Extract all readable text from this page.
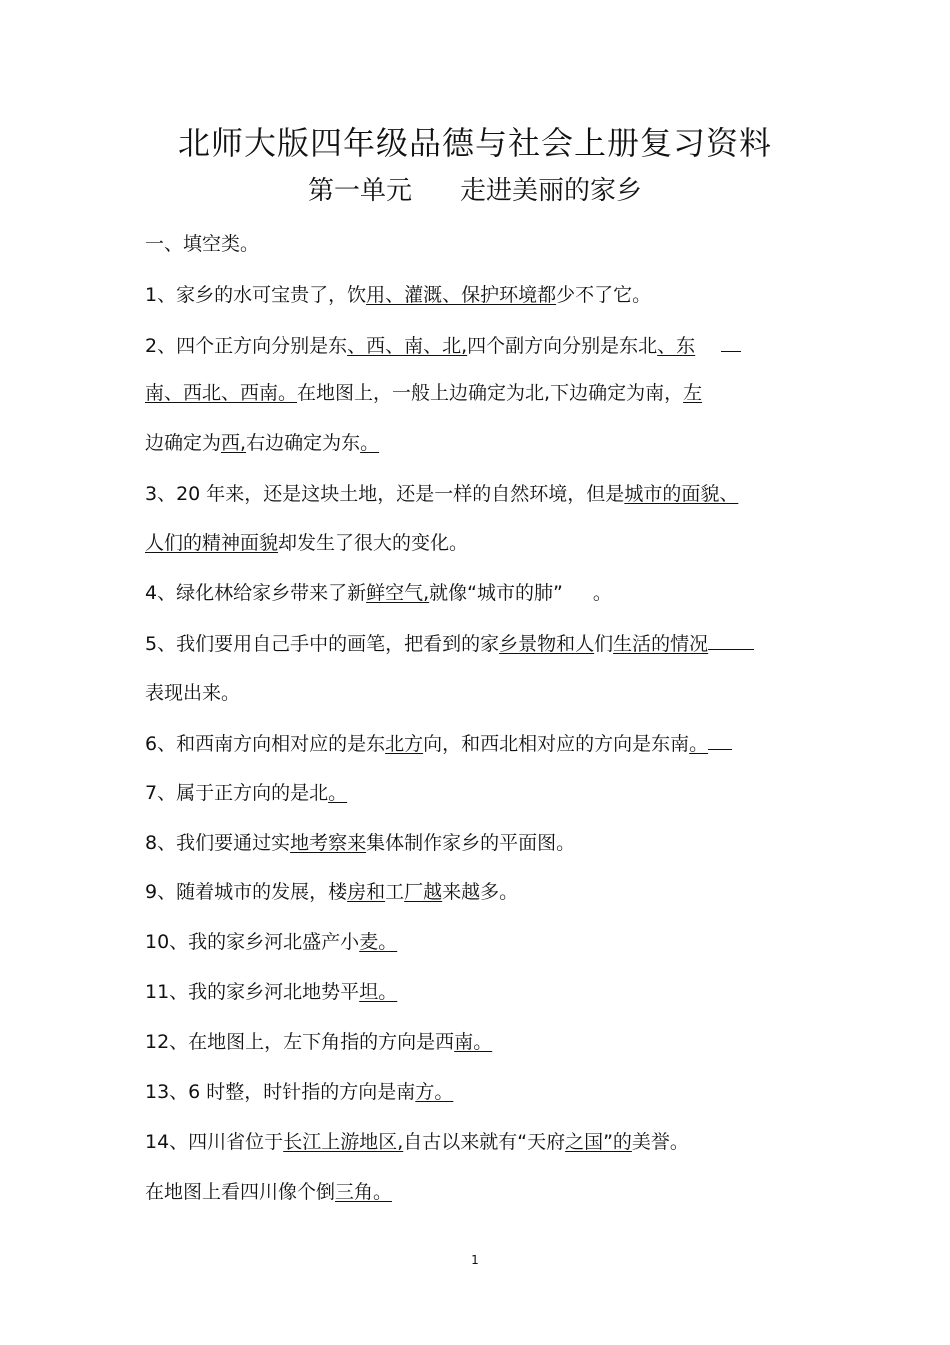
北师大版四年级品德与社会上册复习资料
第一单元 走进美丽的家乡
一、填空类。
1、家乡的水可宝贵了，饮用、灌溉、保护环境都少不了它。
2、四个正方向分别是东、西、南、北,四个副方向分别是东北、东
南、西北、西南。在地图上，一般上边确定为北,下边确定为南，左
边确定为西,右边确定为东。
3、20 年来，还是这块土地，还是一样的自然环境，但是城市的面貌、
人们的精神面貌却发生了很大的变化。
4、绿化林给家乡带来了新鲜空气,就像“城市的肺” 。
5、我们要用自己手中的画笔，把看到的家乡景物和人们生活的情况
表现出来。
6、和西南方向相对应的是东北方向，和西北相对应的方向是东南。
7、属于正方向的是北。
8、我们要通过实地考察来集体制作家乡的平面图。
9、随着城市的发展，楼房和工厂越来越多。
10、我的家乡河北盛产小麦。
11、我的家乡河北地势平坦。
12、在地图上，左下角指的方向是西南。
13、6 时整，时针指的方向是南方。
14、四川省位于长江上游地区,自古以来就有“天府之国”的美誉。
在地图上看四川像个倒三角。
1
